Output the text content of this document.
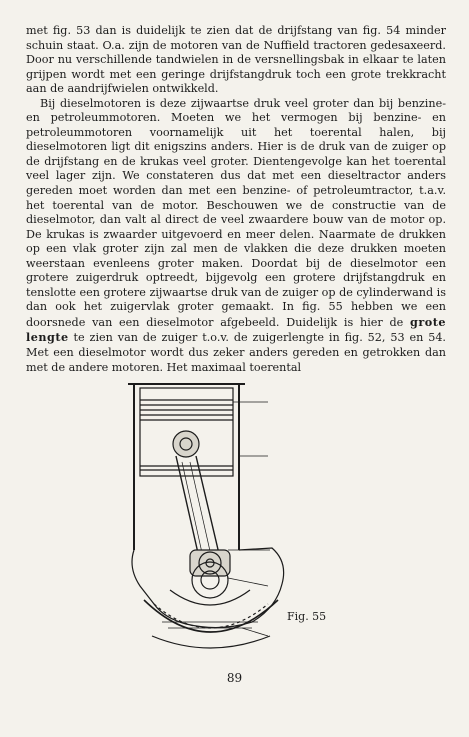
met fig. 53 dan is duidelijk te zien dat de drijfstang van fig. 54 minder schuin staat. O.a. zijn de motoren van de Nuffield tractoren gedesaxeerd. Door nu verschillende tandwielen in de versnellingsbak in elkaar te laten grijpen wordt met een geringe drijfstangdruk toch een grote trekkracht aan de aandrijfwielen ontwikkeld.

Bij dieselmotoren is deze zijwaartse druk veel groter dan bij benzine- en petroleummotoren. Moeten we het vermogen bij benzine- en petroleummotoren voornamelijk uit het toerental halen, bij dieselmotoren ligt dit enigszins anders. Hier is de druk van de zuiger op de drijfstang en de krukas veel groter. Dientengevolge kan het toerental veel lager zijn. We constateren dus dat met een dieseltractor anders gereden moet worden dan met een benzine- of petroleumtractor, t.a.v. het toerental van de motor. Beschouwen we de constructie van de dieselmotor, dan valt al direct de veel zwaardere bouw van de motor op. De krukas is zwaarder uitgevoerd en meer delen. Naarmate de drukken op een vlak groter zijn zal men de vlakken die deze drukken moeten weerstaan evenleens groter maken. Doordat bij de dieselmotor een grotere zuigerdruk optreedt, bijgevolg een grotere drijfstangdruk en tenslotte een grotere zijwaartse druk van de zuiger op de cylinderwand is dan ook het zuigervlak groter gemaakt. In fig. 55 hebben we een doorsnede van een dieselmotor afgebeeld. Duidelijk is hier de grote lengte te zien van de zuiger t.o.v. de zuigerlengte in fig. 52, 53 en 54. Met een dieselmotor wordt dus zeker anders gereden en getrokken dan met de andere motoren. Het maximaal toerental

Fig. 55
89
